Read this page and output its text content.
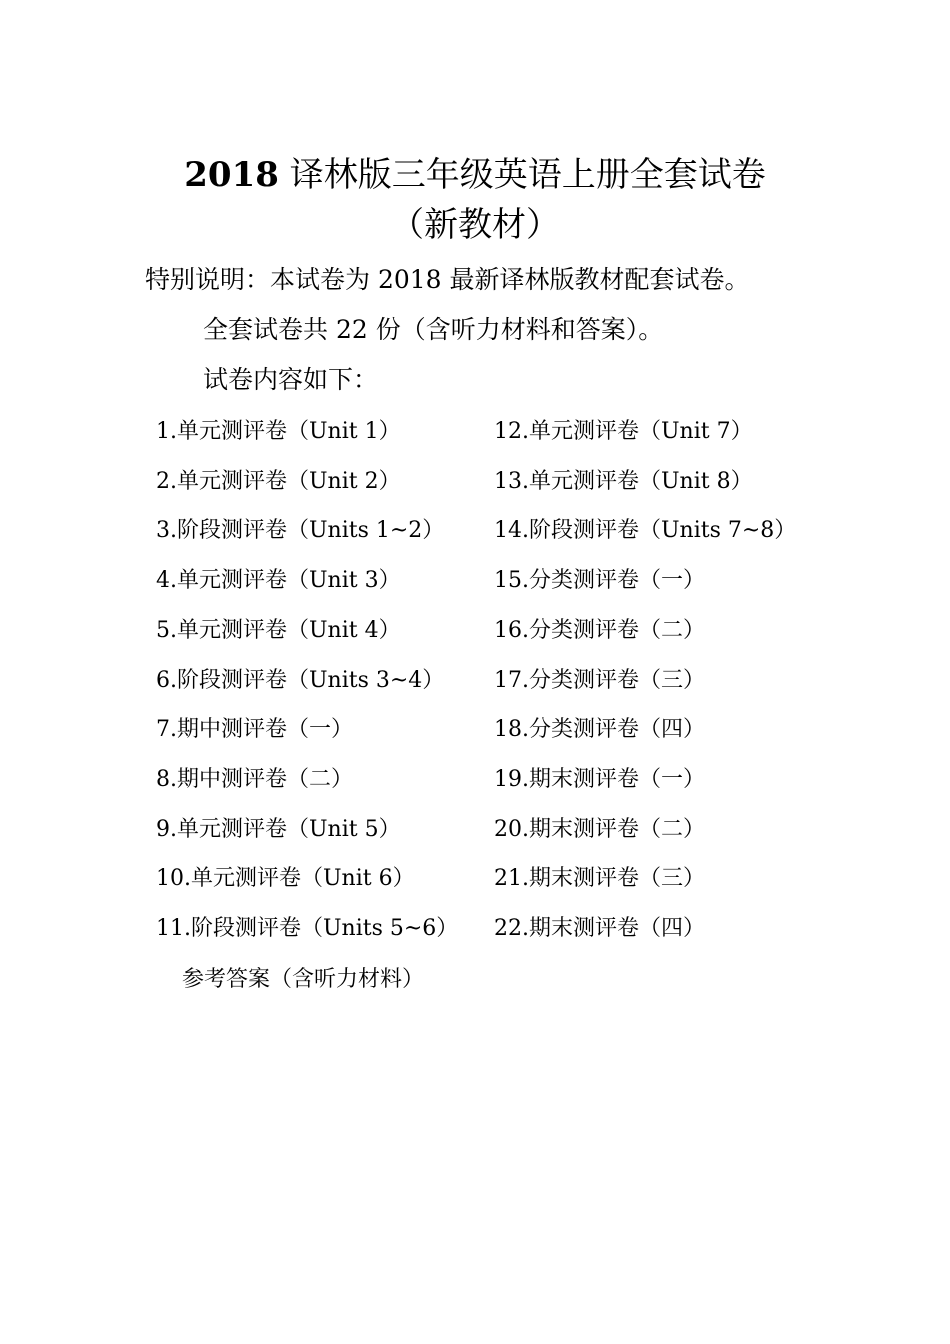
2018 译林版三年级英语上册全套试卷
（新教材）

特别说明：本试卷为 2018 最新译林版教材配套试卷。

全套试卷共 22 份（含听力材料和答案）。

试卷内容如下：

1.单元测评卷（Unit 1）
2.单元测评卷（Unit 2）
3.阶段测评卷（Units 1~2）
4.单元测评卷（Unit 3）
5.单元测评卷（Unit 4）
6.阶段测评卷（Units 3~4）
7.期中测评卷（一）
8.期中测评卷（二）
9.单元测评卷（Unit 5）
10.单元测评卷（Unit 6）
11.阶段测评卷（Units 5~6）
12.单元测评卷（Unit 7）
13.单元测评卷（Unit 8）
14.阶段测评卷（Units 7~8）
15.分类测评卷（一）
16.分类测评卷（二）
17.分类测评卷（三）
18.分类测评卷（四）
19.期末测评卷（一）
20.期末测评卷（二）
21.期末测评卷（三）
22.期末测评卷（四）
参考答案（含听力材料）
